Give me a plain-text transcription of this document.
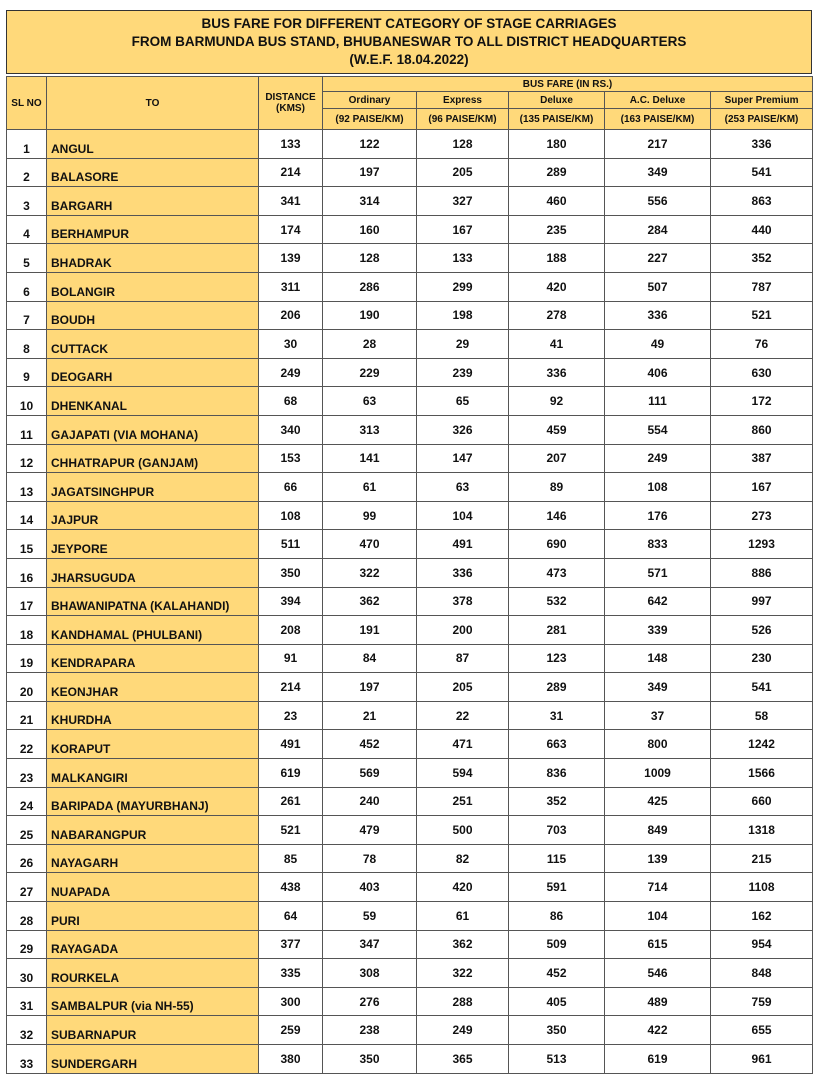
BUS FARE FOR DIFFERENT CATEGORY OF STAGE CARRIAGES
FROM BARMUNDA BUS STAND, BHUBANESWAR TO ALL DISTRICT HEADQUARTERS
(W.E.F. 18.04.2022)
SL NO	TO	DISTANCE (KMS)	BUS FARE (IN RS.)				
			Ordinary	Express	Deluxe	A.C. Deluxe	Super Premium
			(92 PAISE/KM)	(96 PAISE/KM)	(135 PAISE/KM)	(163 PAISE/KM)	(253 PAISE/KM)
1	ANGUL	133	122	128	180	217	336
2	BALASORE	214	197	205	289	349	541
3	BARGARH	341	314	327	460	556	863
4	BERHAMPUR	174	160	167	235	284	440
5	BHADRAK	139	128	133	188	227	352
6	BOLANGIR	311	286	299	420	507	787
7	BOUDH	206	190	198	278	336	521
8	CUTTACK	30	28	29	41	49	76
9	DEOGARH	249	229	239	336	406	630
10	DHENKANAL	68	63	65	92	111	172
11	GAJAPATI (VIA MOHANA)	340	313	326	459	554	860
12	CHHATRAPUR (GANJAM)	153	141	147	207	249	387
13	JAGATSINGHPUR	66	61	63	89	108	167
14	JAJPUR	108	99	104	146	176	273
15	JEYPORE	511	470	491	690	833	1293
16	JHARSUGUDA	350	322	336	473	571	886
17	BHAWANIPATNA (KALAHANDI)	394	362	378	532	642	997
18	KANDHAMAL (PHULBANI)	208	191	200	281	339	526
19	KENDRAPARA	91	84	87	123	148	230
20	KEONJHAR	214	197	205	289	349	541
21	KHURDHA	23	21	22	31	37	58
22	KORAPUT	491	452	471	663	800	1242
23	MALKANGIRI	619	569	594	836	1009	1566
24	BARIPADA (MAYURBHANJ)	261	240	251	352	425	660
25	NABARANGPUR	521	479	500	703	849	1318
26	NAYAGARH	85	78	82	115	139	215
27	NUAPADA	438	403	420	591	714	1108
28	PURI	64	59	61	86	104	162
29	RAYAGADA	377	347	362	509	615	954
30	ROURKELA	335	308	322	452	546	848
31	SAMBALPUR (via NH-55)	300	276	288	405	489	759
32	SUBARNAPUR	259	238	249	350	422	655
33	SUNDERGARH	380	350	365	513	619	961
